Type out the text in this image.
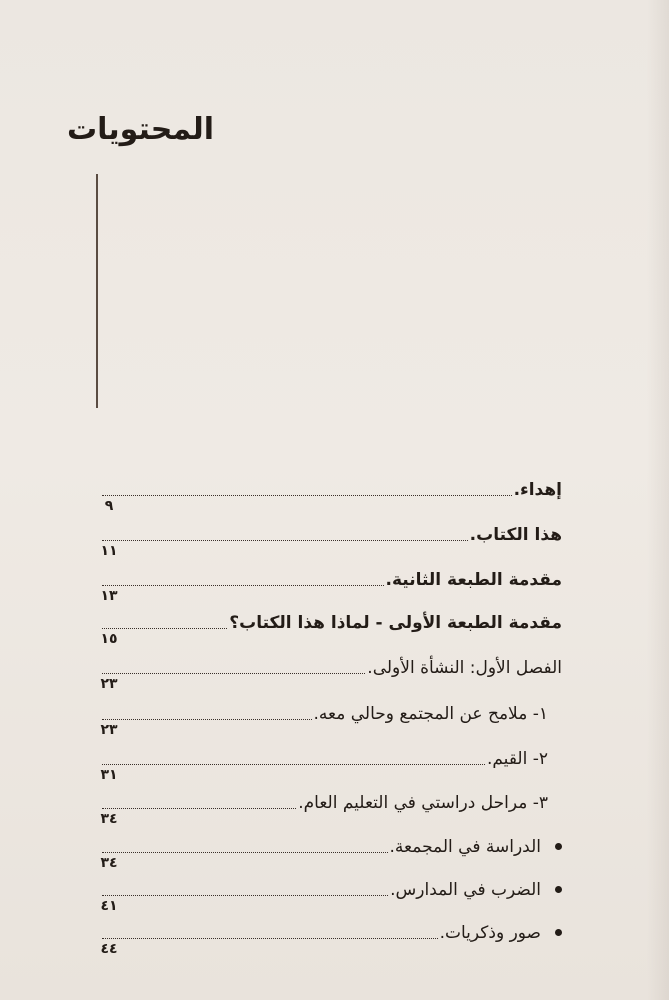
المحتويات
إهداء.
٩
هذا الكتاب.
١١
مقدمة الطبعة الثانية.
١٣
مقدمة الطبعة الأولى - لماذا هذا الكتاب؟
١٥
الفصل الأول: النشأة الأولى.
٢٣
١- ملامح عن المجتمع وحالي معه.
٢٣
٢- القيم.
٣١
٣- مراحل دراستي في التعليم العام.
٣٤
الدراسة في المجمعة.
٣٤
الضرب في المدارس.
٤١
صور وذكريات.
٤٤
